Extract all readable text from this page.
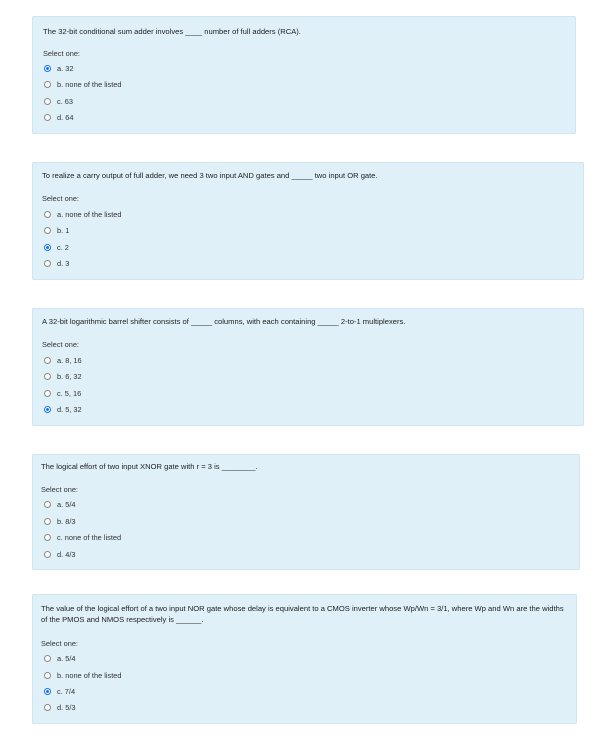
The 32-bit conditional sum adder involves ____ number of full adders (RCA).
Select one:
a. 32
b. none of the listed
c. 63
d. 64
To realize a carry output of full adder, we need 3 two input AND gates and _____ two input OR gate.
Select one:
a. none of the listed
b. 1
c. 2
d. 3
A 32-bit logarithmic barrel shifter consists of _____ columns, with each containing _____ 2-to-1 multiplexers.
Select one:
a. 8, 16
b. 6, 32
c. 5, 16
d. 5, 32
The logical effort of two input XNOR gate with r = 3 is ________.
Select one:
a. 5/4
b. 8/3
c. none of the listed
d. 4/3
The value of the logical effort of a two input NOR gate whose delay is equivalent to a CMOS inverter whose Wp/Wn = 3/1, where Wp and Wn are the widths of the PMOS and NMOS respectively is ______.
Select one:
a. 5/4
b. none of the listed
c. 7/4
d. 5/3
